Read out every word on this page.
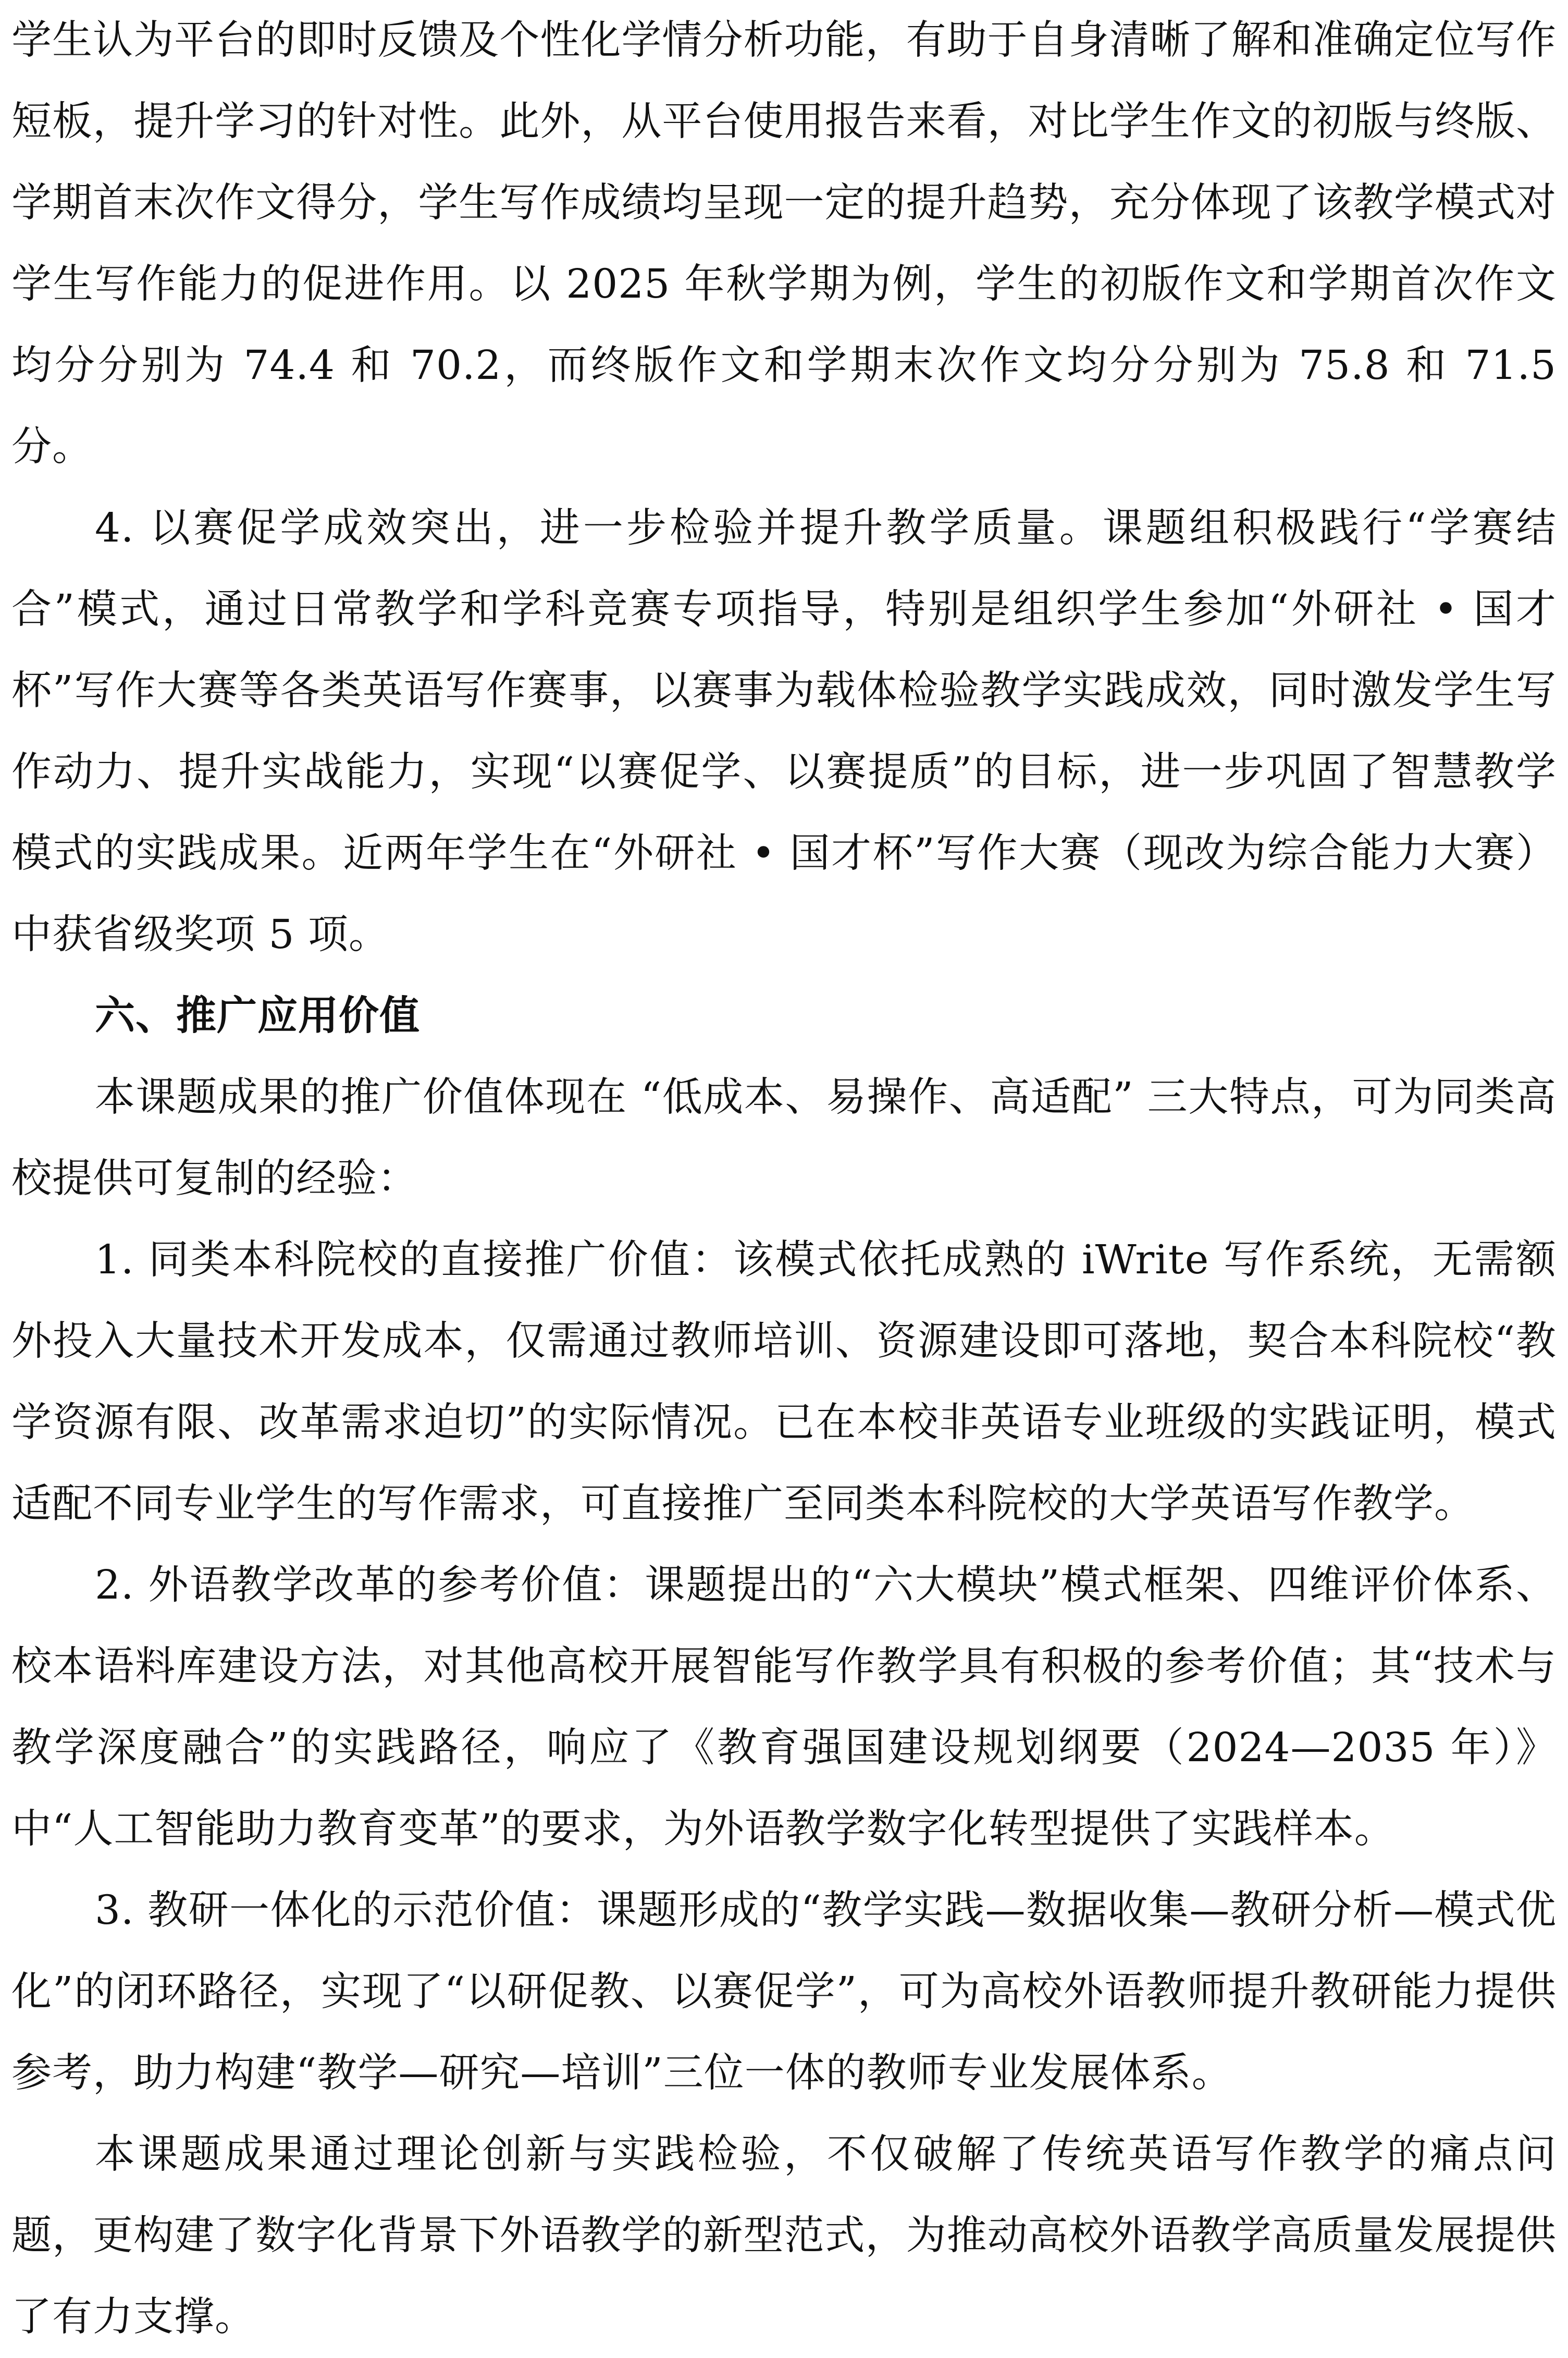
学生认为平台的即时反馈及个性化学情分析功能，有助于自身清晰了解和准确定位写作短板，提升学习的针对性。此外，从平台使用报告来看，对比学生作文的初版与终版、学期首末次作文得分，学生写作成绩均呈现一定的提升趋势，充分体现了该教学模式对学生写作能力的促进作用。以 2025 年秋学期为例，学生的初版作文和学期首次作文均分分别为 74.4 和 70.2，而终版作文和学期末次作文均分分别为 75.8 和 71.5 分。

4. 以赛促学成效突出，进一步检验并提升教学质量。课题组积极践行“学赛结合”模式，通过日常教学和学科竞赛专项指导，特别是组织学生参加“外研社 • 国才杯”写作大赛等各类英语写作赛事，以赛事为载体检验教学实践成效，同时激发学生写作动力、提升实战能力，实现“以赛促学、以赛提质”的目标，进一步巩固了智慧教学模式的实践成果。近两年学生在“外研社 • 国才杯”写作大赛（现改为综合能力大赛）中获省级奖项 5 项。

六、推广应用价值

本课题成果的推广价值体现在 “低成本、易操作、高适配” 三大特点，可为同类高校提供可复制的经验：

1. 同类本科院校的直接推广价值：该模式依托成熟的 iWrite 写作系统，无需额外投入大量技术开发成本，仅需通过教师培训、资源建设即可落地，契合本科院校“教学资源有限、改革需求迫切”的实际情况。已在本校非英语专业班级的实践证明，模式适配不同专业学生的写作需求，可直接推广至同类本科院校的大学英语写作教学。

2. 外语教学改革的参考价值：课题提出的“六大模块”模式框架、四维评价体系、校本语料库建设方法，对其他高校开展智能写作教学具有积极的参考价值；其“技术与教学深度融合”的实践路径，响应了《教育强国建设规划纲要（2024—2035 年）》中“人工智能助力教育变革”的要求，为外语教学数字化转型提供了实践样本。

3. 教研一体化的示范价值：课题形成的“教学实践—数据收集—教研分析—模式优化”的闭环路径，实现了“以研促教、以赛促学”，可为高校外语教师提升教研能力提供参考，助力构建“教学—研究—培训”三位一体的教师专业发展体系。

本课题成果通过理论创新与实践检验，不仅破解了传统英语写作教学的痛点问题，更构建了数字化背景下外语教学的新型范式，为推动高校外语教学高质量发展提供了有力支撑。
